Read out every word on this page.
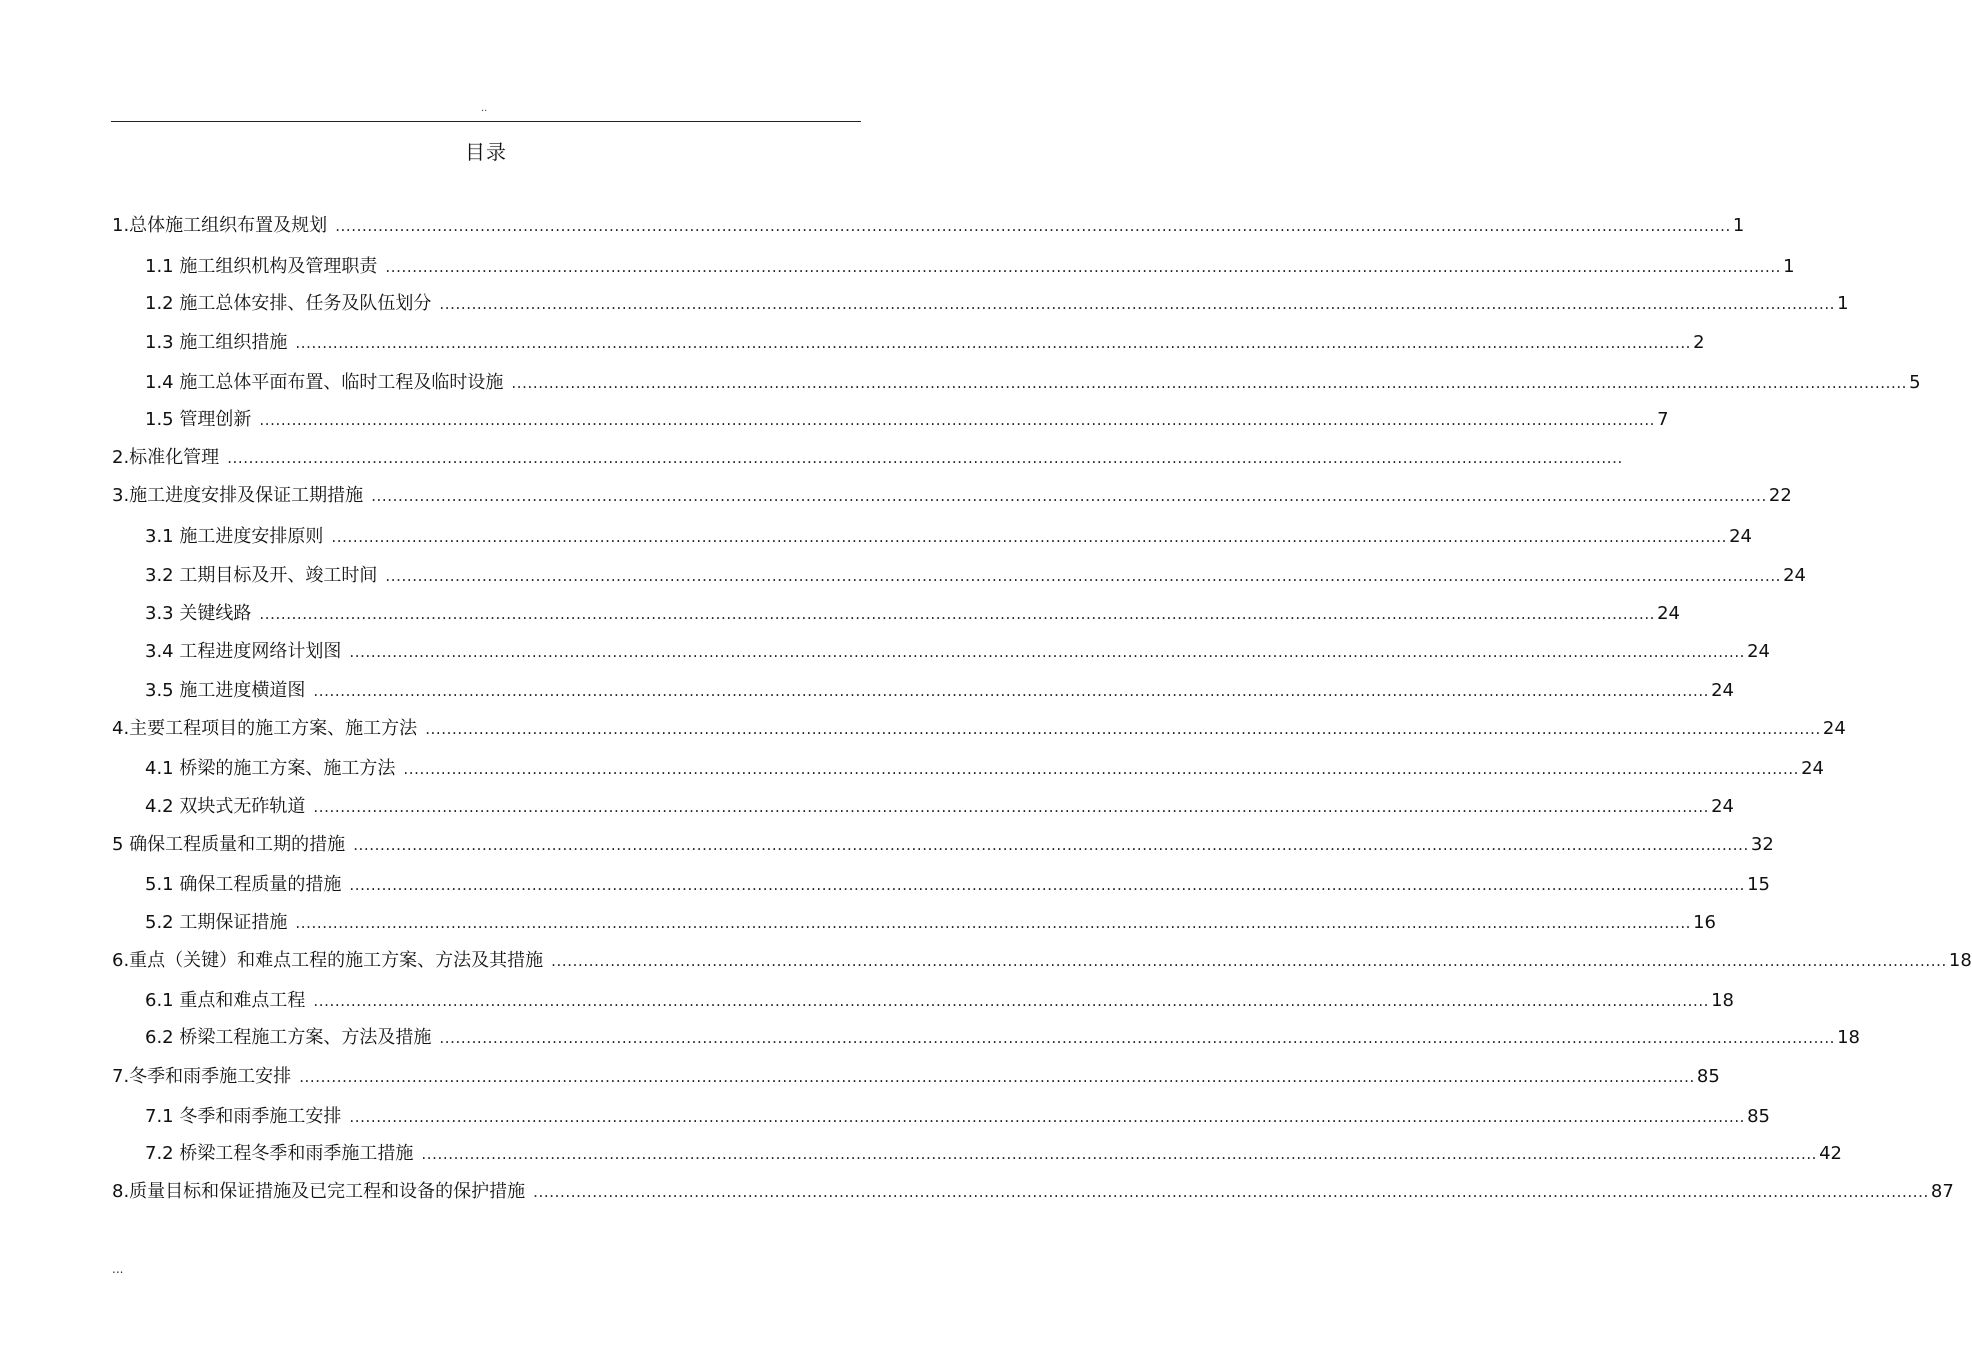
..
目录
1.总体施工组织布置及规划 .................................................................................................................................................................................................................................................................... 1
1.1 施工组织机构及管理职责 .................................................................................................................................................................................................................................................................... 1
1.2 施工总体安排、任务及队伍划分 .................................................................................................................................................................................................................................................................... 1
1.3 施工组织措施 .................................................................................................................................................................................................................................................................... 2
1.4 施工总体平面布置、临时工程及临时设施 .................................................................................................................................................................................................................................................................... 5
1.5 管理创新 .................................................................................................................................................................................................................................................................... 7
2.标准化管理 ....................................................................................................................................................................................................................................................................
3.施工进度安排及保证工期措施 .................................................................................................................................................................................................................................................................... 22
3.1 施工进度安排原则 .................................................................................................................................................................................................................................................................... 24
3.2 工期目标及开、竣工时间 .................................................................................................................................................................................................................................................................... 24
3.3 关键线路 .................................................................................................................................................................................................................................................................... 24
3.4 工程进度网络计划图 .................................................................................................................................................................................................................................................................... 24
3.5 施工进度横道图 .................................................................................................................................................................................................................................................................... 24
4.主要工程项目的施工方案、施工方法 .................................................................................................................................................................................................................................................................... 24
4.1 桥梁的施工方案、施工方法 .................................................................................................................................................................................................................................................................... 24
4.2 双块式无砟轨道 .................................................................................................................................................................................................................................................................... 24
5 确保工程质量和工期的措施 .................................................................................................................................................................................................................................................................... 32
5.1 确保工程质量的措施 .................................................................................................................................................................................................................................................................... 15
5.2 工期保证措施 .................................................................................................................................................................................................................................................................... 16
6.重点（关键）和难点工程的施工方案、方法及其措施 .................................................................................................................................................................................................................................................................... 18
6.1 重点和难点工程 .................................................................................................................................................................................................................................................................... 18
6.2 桥梁工程施工方案、方法及措施 .................................................................................................................................................................................................................................................................... 18
7.冬季和雨季施工安排 .................................................................................................................................................................................................................................................................... 85
7.1 冬季和雨季施工安排 .................................................................................................................................................................................................................................................................... 85
7.2 桥梁工程冬季和雨季施工措施 .................................................................................................................................................................................................................................................................... 42
8.质量目标和保证措施及已完工程和设备的保护措施 .................................................................................................................................................................................................................................................................... 87
...
